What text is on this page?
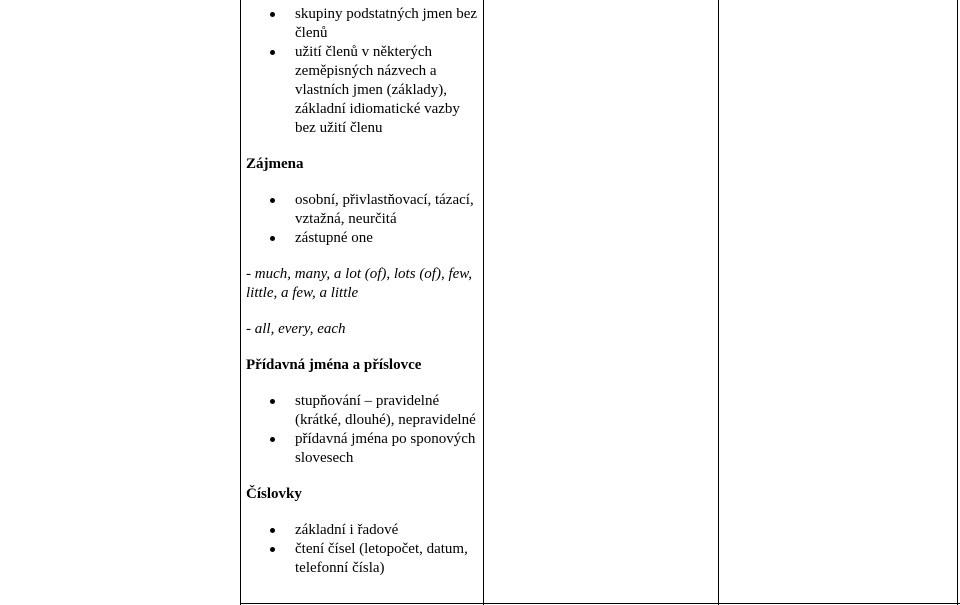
skupiny podstatných jmen bez členů
užití členů v některých zeměpisných názvech a vlastních jmen (základy), základní idiomatické vazby bez užití členu

Zájmena

osobní, přivlastňovací, tázací, vztažná, neurčitá
zástupné one

- much, many, a lot (of), lots (of), few, little, a few, a little

- all, every, each

Přídavná jména a příslovce

stupňování – pravidelné (krátké, dlouhé), nepravidelné
přídavná jména po sponových slovesech

Číslovky

základní i řadové
čtení čísel (letopočet, datum, telefonní čísla)
